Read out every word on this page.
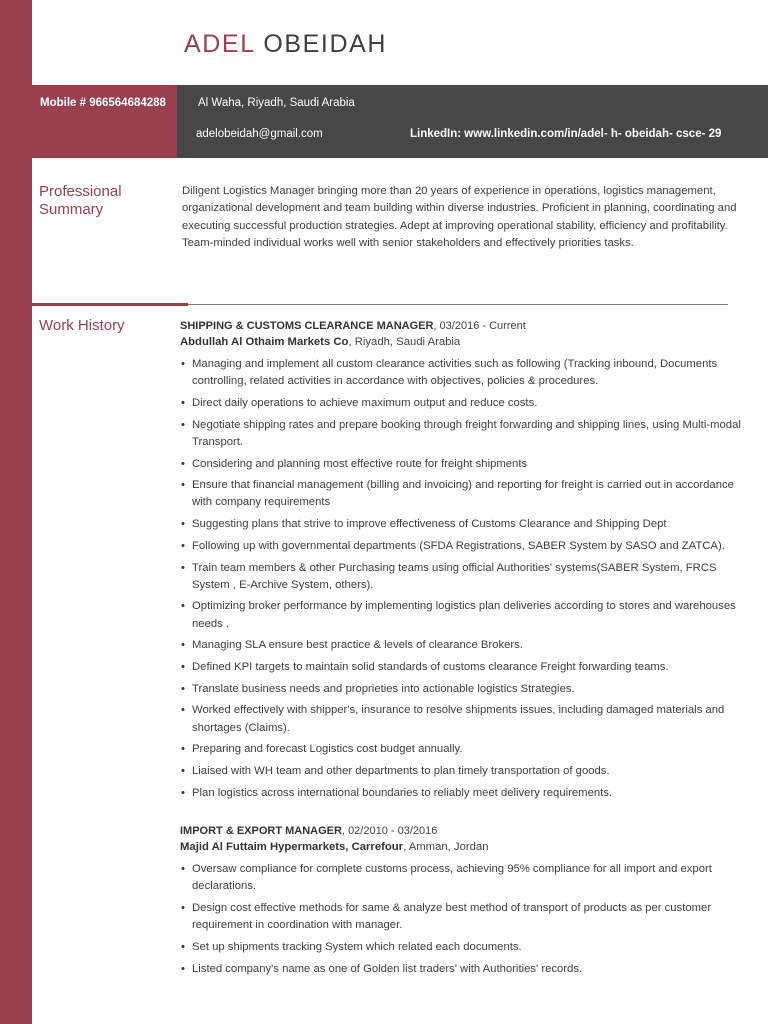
ADEL OBEIDAH
Mobile # 966564684288	Al Waha, Riyadh, Saudi Arabia
adelobeidah@gmail.com	LinkedIn: www.linkedin.com/in/adel- h- obeidah- csce- 29
Professional
Summary

Diligent Logistics Manager bringing more than 20 years of experience in operations, logistics management, organizational development and team building within diverse industries. Proficient in planning, coordinating and executing successful production strategies. Adept at improving operational stability, efficiency and profitability. Team-minded individual works well with senior stakeholders and effectively priorities tasks.

Work History	SHIPPING & CUSTOMS CLEARANCE MANAGER, 03/2016 - Current
Abdullah Al Othaim Markets Co, Riyadh, Saudi Arabia
• Managing and implement all custom clearance activities such as following (Tracking inbound, Documents controlling, related activities in accordance with objectives, policies & procedures.
• Direct daily operations to achieve maximum output and reduce costs.
• Negotiate shipping rates and prepare booking through freight forwarding and shipping lines, using Multi-modal Transport.
• Considering and planning most effective route for freight shipments
• Ensure that financial management (billing and invoicing) and reporting for freight is carried out in accordance with company requirements
• Suggesting plans that strive to improve effectiveness of Customs Clearance and Shipping Dept
• Following up with governmental departments (SFDA Registrations, SABER System by SASO and ZATCA).
• Train team members & other Purchasing teams using official Authorities' systems(SABER System, FRCS System , E-Archive System, others).
• Optimizing broker performance by implementing logistics plan deliveries according to stores and warehouses needs .
• Managing SLA ensure best practice & levels of clearance Brokers.
• Defined KPI targets to maintain solid standards of customs clearance Freight forwarding teams.
• Translate business needs and proprieties into actionable logistics Strategies.
• Worked effectively with shipper's, insurance to resolve shipments issues, including damaged materials and shortages (Claims).
• Preparing and forecast Logistics cost budget annually.
• Liaised with WH team and other departments to plan timely transportation of goods.
• Plan logistics across international boundaries to reliably meet delivery requirements.
IMPORT & EXPORT MANAGER, 02/2010 - 03/2016
Majid Al Futtaim Hypermarkets, Carrefour, Amman, Jordan
• Oversaw compliance for complete customs process, achieving 95% compliance for all import and export declarations.
• Design cost effective methods for same & analyze best method of transport of products as per customer requirement in coordination with manager.
• Set up shipments tracking System which related each documents.
• Listed company's name as one of Golden list traders' with Authorities' records.
